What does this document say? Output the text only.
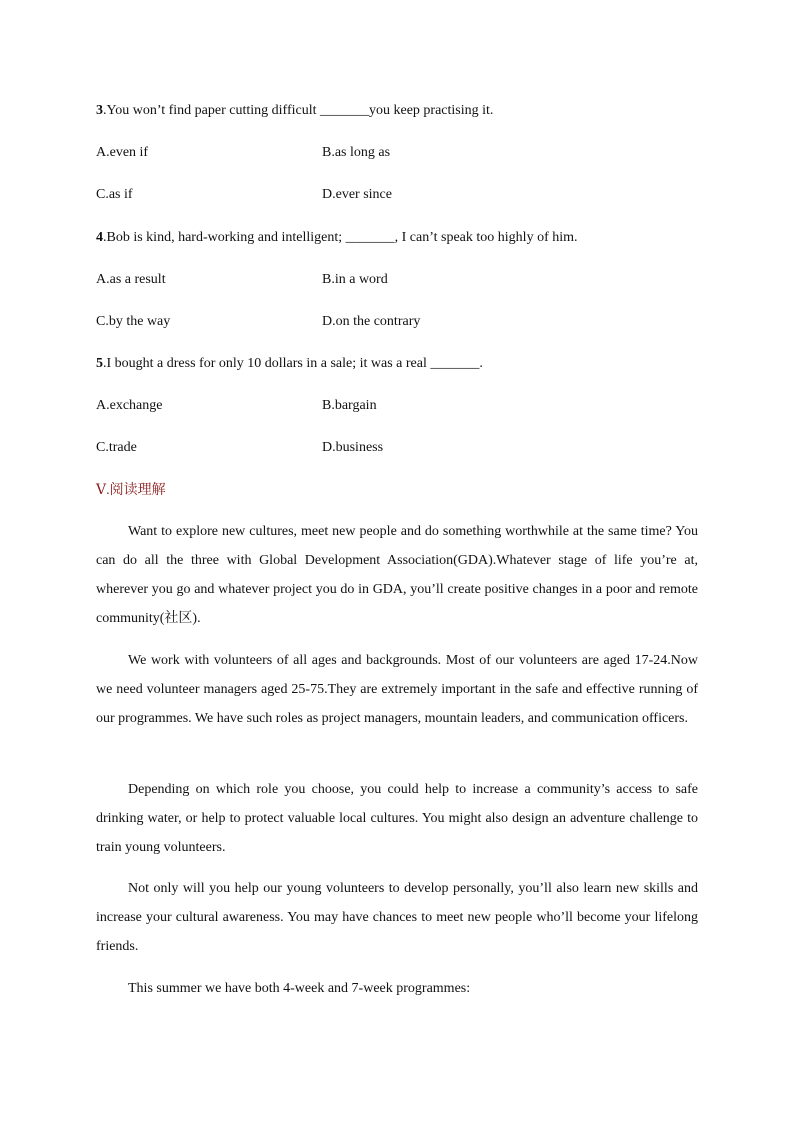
3.You won’t find paper cutting difficult _______you keep practising it.
A.even if	B.as long as
C.as if	D.ever since
4.Bob is kind, hard-working and intelligent; _______, I can’t speak too highly of him.
A.as a result	B.in a word
C.by the way	D.on the contrary
5.I bought a dress for only 10 dollars in a sale; it was a real _______.
A.exchange	B.bargain
C.trade	D.business
Ⅴ.阅读理解

Want to explore new cultures, meet new people and do something worthwhile at the same time? You can do all the three with Global Development Association(GDA).Whatever stage of life you’re at, wherever you go and whatever project you do in GDA, you’ll create positive changes in a poor and remote community(社区).

We work with volunteers of all ages and backgrounds. Most of our volunteers are aged 17-24.Now we need volunteer managers aged 25-75.They are extremely important in the safe and effective running of our programmes. We have such roles as project managers, mountain leaders, and communication officers.

Depending on which role you choose, you could help to increase a community’s access to safe drinking water, or help to protect valuable local cultures. You might also design an adventure challenge to train young volunteers.

Not only will you help our young volunteers to develop personally, you’ll also learn new skills and increase your cultural awareness. You may have chances to meet new people who’ll become your lifelong friends.

This summer we have both 4-week and 7-week programmes:
